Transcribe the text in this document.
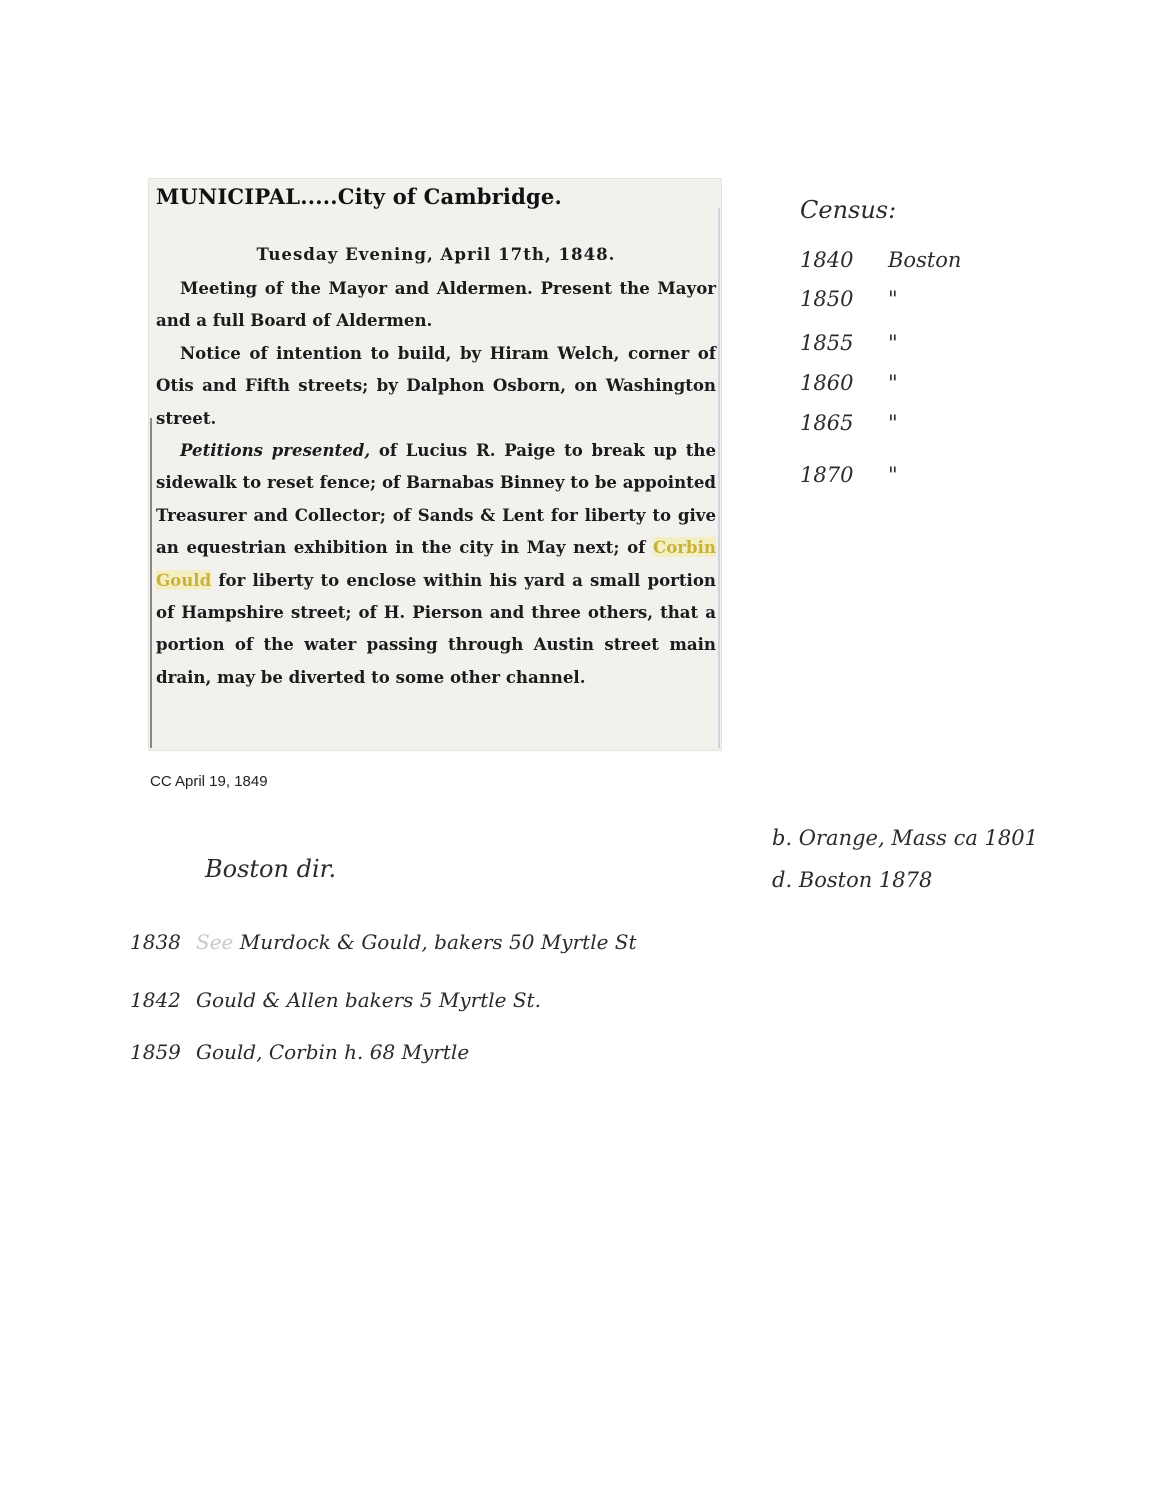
MUNICIPAL.....City of Cambridge.

Tuesday Evening, April 17th, 1848.

Meeting of the Mayor and Aldermen. Present the Mayor and a full Board of Aldermen.

Notice of intention to build, by Hiram Welch, corner of Otis and Fifth streets; by Dalphon Osborn, on Washington street.

Petitions presented, of Lucius R. Paige to break up the sidewalk to reset fence; of Barnabas Binney to be appointed Treasurer and Collector; of Sands & Lent for liberty to give an equestrian exhibition in the city in May next; of Corbin Gould for liberty to enclose within his yard a small portion of Hampshire street; of H. Pierson and three others, that a portion of the water passing through Austin street main drain, may be diverted to some other channel.

CC April 19, 1849
Census:
1840 Boston
1850 "
1855 "
1860 "
1865 "
1870 "
b. Orange, Mass ca 1801
d. Boston 1878
Boston dir.
1838 See Murdock & Gould, bakers 50 Myrtle St
1842 Gould & Allen bakers 5 Myrtle St.
1859 Gould, Corbin h. 68 Myrtle
